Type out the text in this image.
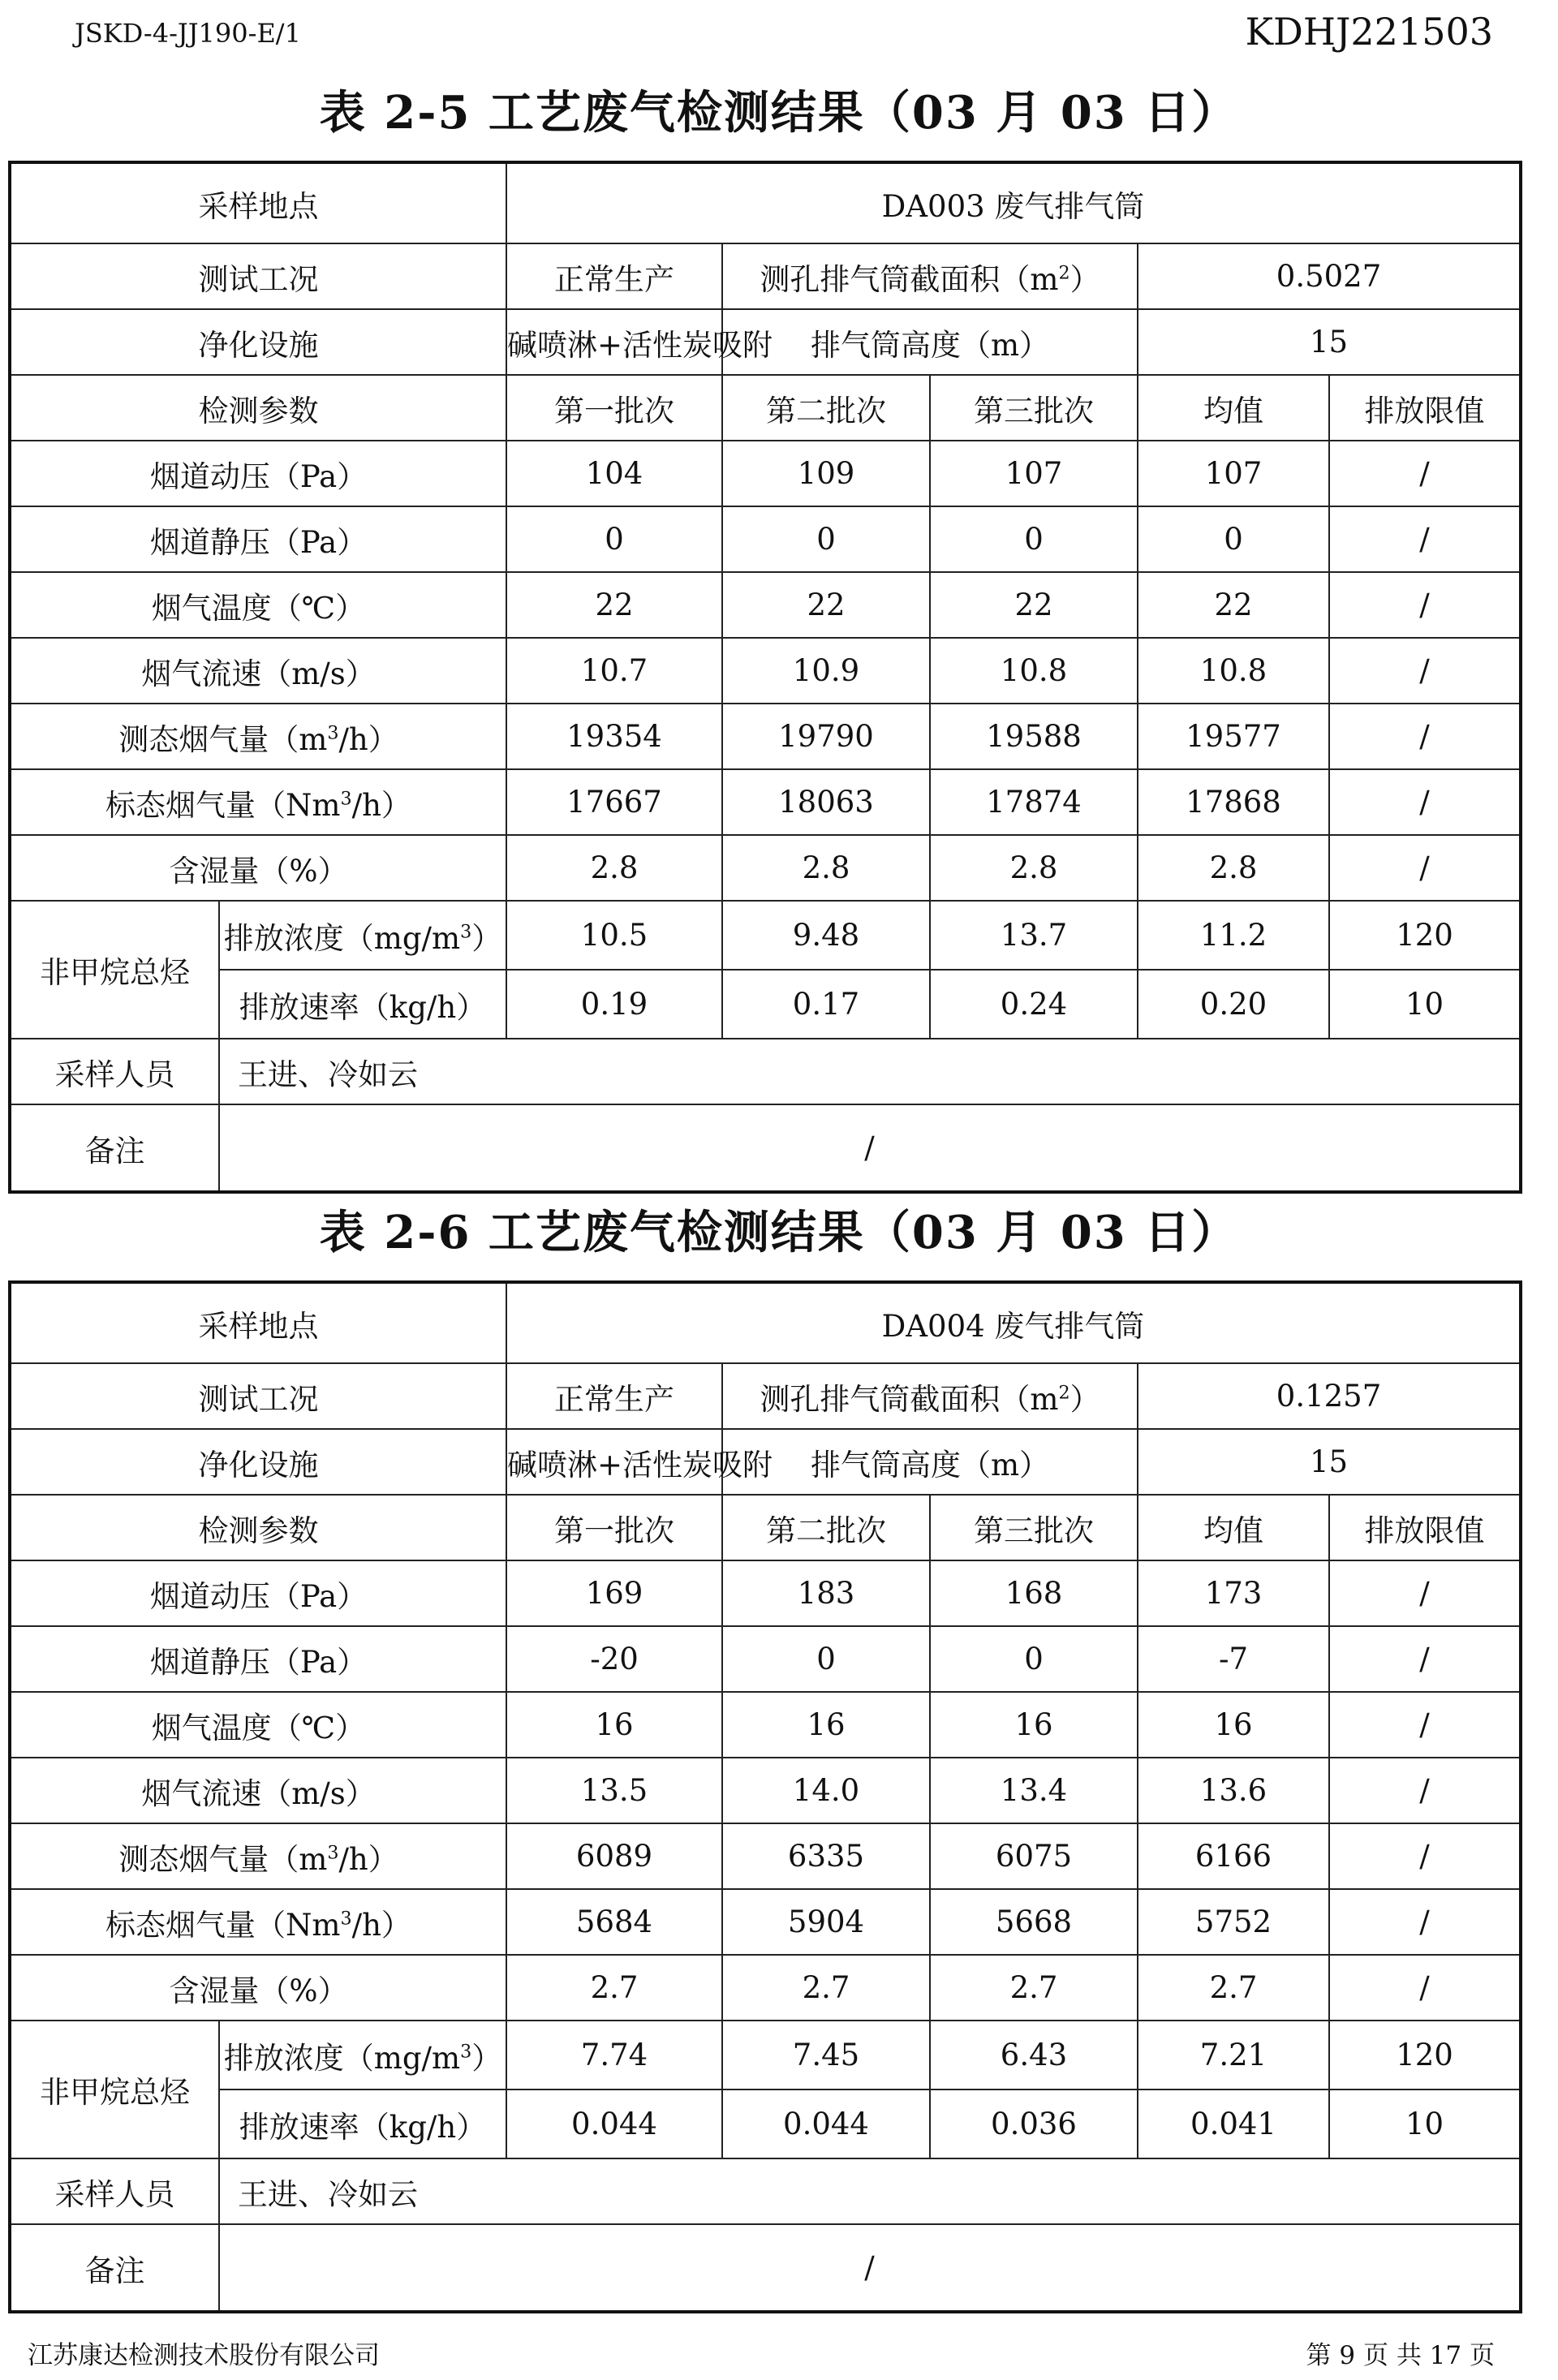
JSKD-4-JJ190-E/1	KDHJ221503
表 2-5 工艺废气检测结果（03 月 03 日）
采样地点		DA003 废气排气筒				
测试工况		正常生产	测孔排气筒截面积$(m^2)$		0.5027	
净化设施		碱喷淋+活性炭吸附	排气筒高度（m）		15	
检测参数		第一批次	第二批次	第三批次	均值	排放限值
烟道动压（Pa）		104	109	107	107	/
烟道静压（Pa）		0	0	0	0	/
烟气温度（℃）		22	22	22	22	/
烟气流速（m/s）		10.7	10.9	10.8	10.8	/
测态烟气量$(m^3/h)$		19354	19790	19588	19577	/
标态烟气量（Nm$^3$/h）		17667	18063	17874	17868	/
含湿量（%）		2.8	2.8	2.8	2.8	/
非甲烷总烃	排放浓度$(mg/m^3)$	10.5	9.48	13.7	11.2	120
	排放速率（kg/h）	0.19	0.17	0.24	0.20	10
采样人员	王进、冷如云					
备注	/					
表 2-6 工艺废气检测结果（03 月 03 日）
采样地点		DA004 废气排气筒				
测试工况		正常生产	测孔排气筒截面积$(m^2)$		0.1257	
净化设施		碱喷淋+活性炭吸附	排气筒高度（m）		15	
检测参数		第一批次	第二批次	第三批次	均值	排放限值
烟道动压（Pa）		169	183	168	173	/
烟道静压（Pa）		-20	0	0	-7	/
烟气温度（℃）		16	16	16	16	/
烟气流速（m/s）		13.5	14.0	13.4	13.6	/
测态烟气量$(m^3/h)$		6089	6335	6075	6166	/
标态烟气量（Nm$^3$/h）		5684	5904	5668	5752	/
含湿量（%）		2.7	2.7	2.7	2.7	/
非甲烷总烃	排放浓度$(mg/m^3)$	7.74	7.45	6.43	7.21	120
	排放速率（kg/h）	0.044	0.044	0.036	0.041	10
采样人员	王进、冷如云					
备注	/					
江苏康达检测技术股份有限公司	第 9 页 共 17 页
